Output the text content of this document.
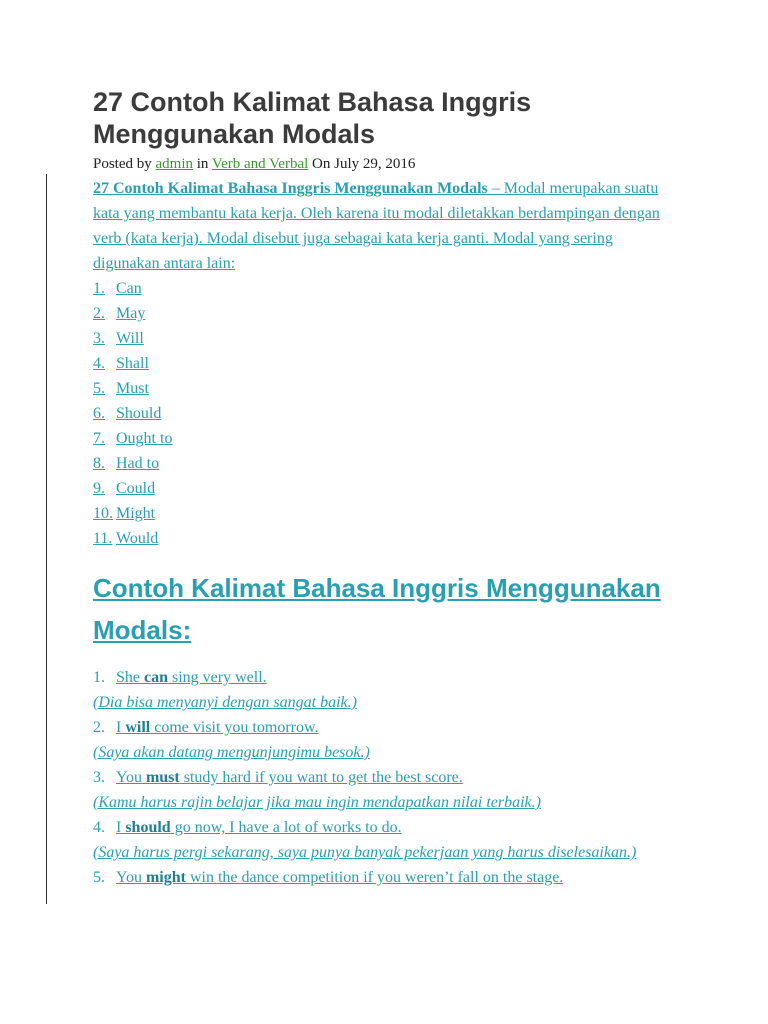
27 Contoh Kalimat Bahasa Inggris Menggunakan Modals
Posted by admin in Verb and Verbal On July 29, 2016

27 Contoh Kalimat Bahasa Inggris Menggunakan Modals – Modal merupakan suatu kata yang membantu kata kerja. Oleh karena itu modal diletakkan berdampingan dengan verb (kata kerja). Modal disebut juga sebagai kata kerja ganti. Modal yang sering digunakan antara lain:

1. Can
2. May
3. Will
4. Shall
5. Must
6. Should
7. Ought to
8. Had to
9. Could
10. Might
11. Would
Contoh Kalimat Bahasa Inggris Menggunakan Modals:
1. She can sing very well.
(Dia bisa menyanyi dengan sangat baik.)
2. I will come visit you tomorrow.
(Saya akan datang mengunjungimu besok.)
3. You must study hard if you want to get the best score.
(Kamu harus rajin belajar jika mau ingin mendapatkan nilai terbaik.)
4. I should go now, I have a lot of works to do.
(Saya harus pergi sekarang, saya punya banyak pekerjaan yang harus diselesaikan.)
5. You might win the dance competition if you weren’t fall on the stage.
